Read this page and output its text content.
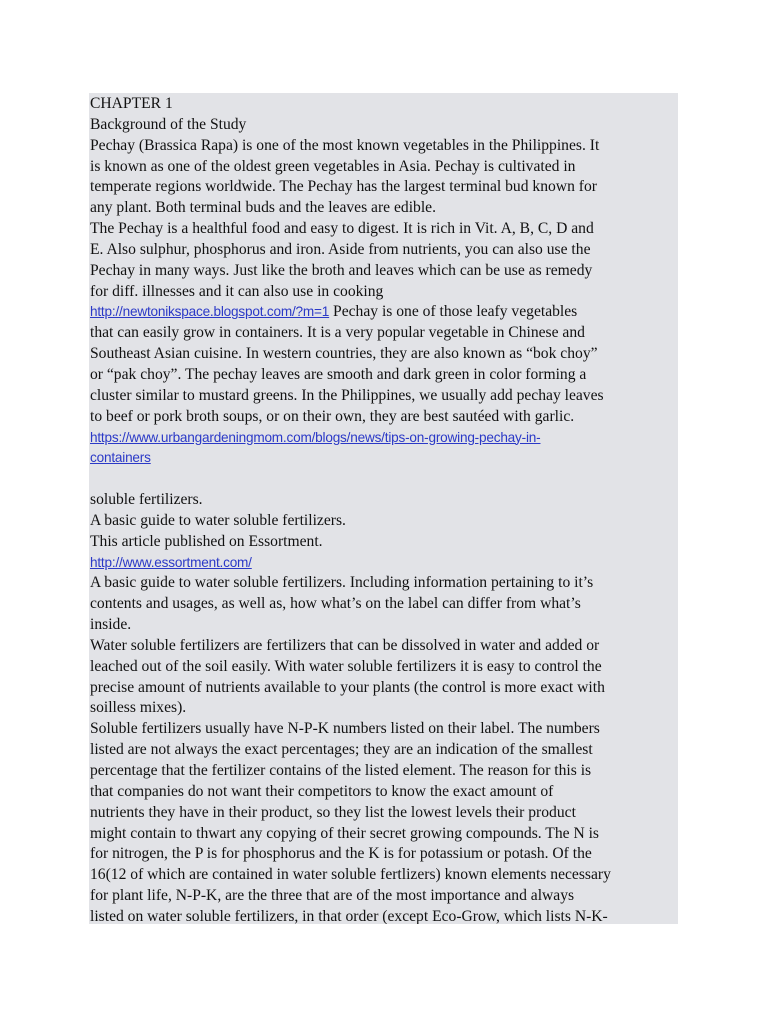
CHAPTER 1
Background of the Study
Pechay (Brassica Rapa) is one of the most known vegetables in the Philippines. It
is known as one of the oldest green vegetables in Asia. Pechay is cultivated in
temperate regions worldwide. The Pechay has the largest terminal bud known for
any plant. Both terminal buds and the leaves are edible.
The Pechay is a healthful food and easy to digest. It is rich in Vit. A, B, C, D and
E. Also sulphur, phosphorus and iron. Aside from nutrients, you can also use the
Pechay in many ways. Just like the broth and leaves which can be use as remedy
for diff. illnesses and it can also use in cooking
http://newtonikspace.blogspot.com/?m=1 Pechay is one of those leafy vegetables
that can easily grow in containers. It is a very popular vegetable in Chinese and
Southeast Asian cuisine. In western countries, they are also known as “bok choy”
or “pak choy”. The pechay leaves are smooth and dark green in color forming a
cluster similar to mustard greens. In the Philippines, we usually add pechay leaves
to beef or pork broth soups, or on their own, they are best sautéed with garlic.
https://www.urbangardeningmom.com/blogs/news/tips-on-growing-pechay-in-
containers
soluble fertilizers.
A basic guide to water soluble fertilizers.
This article published on Essortment.
http://www.essortment.com/
A basic guide to water soluble fertilizers. Including information pertaining to it’s
contents and usages, as well as, how what’s on the label can differ from what’s
inside.
Water soluble fertilizers are fertilizers that can be dissolved in water and added or
leached out of the soil easily. With water soluble fertilizers it is easy to control the
precise amount of nutrients available to your plants (the control is more exact with
soilless mixes).
Soluble fertilizers usually have N-P-K numbers listed on their label. The numbers
listed are not always the exact percentages; they are an indication of the smallest
percentage that the fertilizer contains of the listed element. The reason for this is
that companies do not want their competitors to know the exact amount of
nutrients they have in their product, so they list the lowest levels their product
might contain to thwart any copying of their secret growing compounds. The N is
for nitrogen, the P is for phosphorus and the K is for potassium or potash. Of the
16(12 of which are contained in water soluble fertlizers) known elements necessary
for plant life, N-P-K, are the three that are of the most importance and always
listed on water soluble fertilizers, in that order (except Eco-Grow, which lists N-K-
